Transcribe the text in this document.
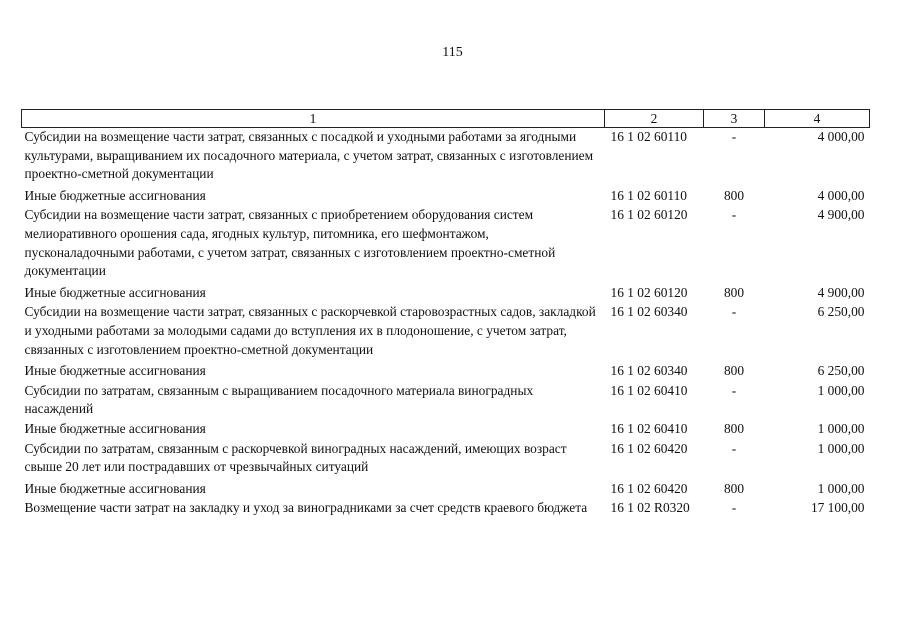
115
1	2	3	4
Субсидии на возмещение части затрат, связанных с посадкой и уходными работами за ягодными культурами, выращиванием их посадочного материала, с учетом затрат, связанных с изготовлением проектно-сметной документации	16 1 02 60110	-	4 000,00
Иные бюджетные ассигнования	16 1 02 60110	800	4 000,00
Субсидии на возмещение части затрат, связанных с приобретением оборудования систем мелиоративного орошения сада, ягодных культур, питомника, его шефмонтажом, пусконаладочными работами, с учетом затрат, связанных с изготовлением проектно-сметной документации	16 1 02 60120	-	4 900,00
Иные бюджетные ассигнования	16 1 02 60120	800	4 900,00
Субсидии на возмещение части затрат, связанных с раскорчевкой старовозрастных садов, закладкой и уходными работами за молодыми садами до вступления их в плодоношение, с учетом затрат, связанных с изготовлением проектно-сметной документации	16 1 02 60340	-	6 250,00
Иные бюджетные ассигнования	16 1 02 60340	800	6 250,00
Субсидии по затратам, связанным с выращиванием посадочного материала виноградных насаждений	16 1 02 60410	-	1 000,00
Иные бюджетные ассигнования	16 1 02 60410	800	1 000,00
Субсидии по затратам, связанным с раскорчевкой виноградных насаждений, имеющих возраст свыше 20 лет или пострадавших от чрезвычайных ситуаций	16 1 02 60420	-	1 000,00
Иные бюджетные ассигнования	16 1 02 60420	800	1 000,00
Возмещение части затрат на закладку и уход за виноградниками за счет средств краевого бюджета	16 1 02 R0320	-	17 100,00
